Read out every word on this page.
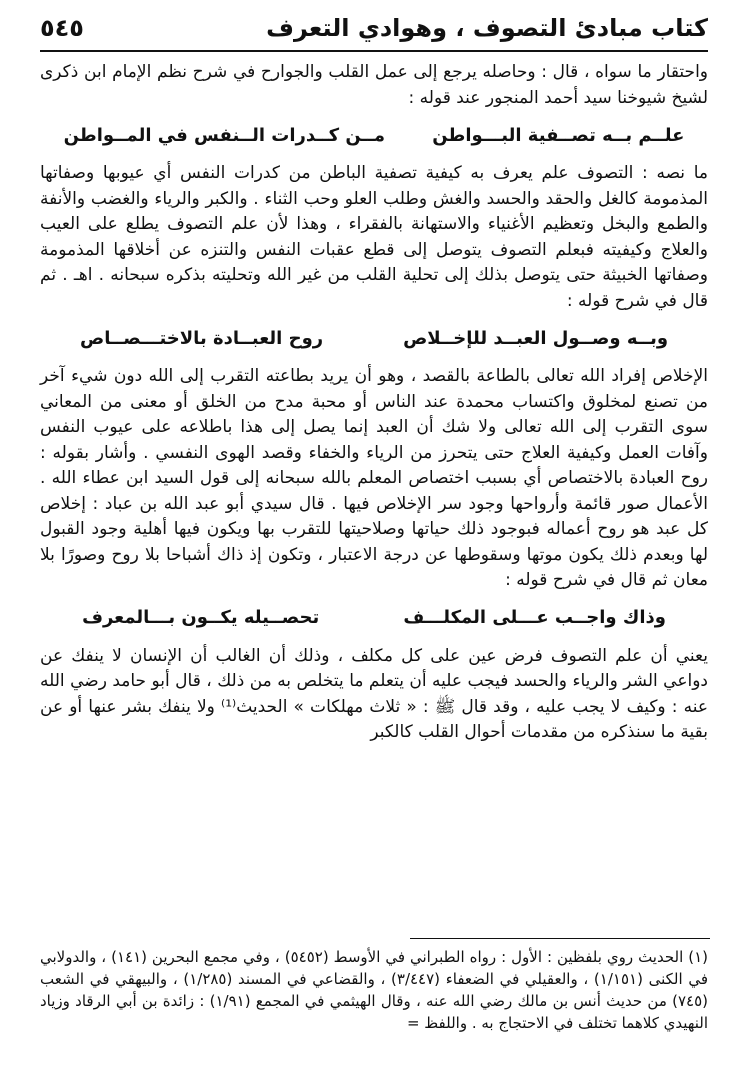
كتاب مبادئ التصوف ، وهوادي التعرف
٥٤٥

واحتقار ما سواه ، قال : وحاصله يرجع إلى عمل القلب والجوارح في شرح نظم الإمام ابن ذكرى لشيخ شيوخنا سيد أحمد المنجور عند قوله :

علــم بــه تصــفية البـــواطن
مــن كــدرات الــنفس في المــواطن

ما نصه : التصوف علم يعرف به كيفية تصفية الباطن من كدرات النفس أي عيوبها وصفاتها المذمومة كالغل والحقد والحسد والغش وطلب العلو وحب الثناء . والكبر والرياء والغضب والأنفة والطمع والبخل وتعظيم الأغنياء والاستهانة بالفقراء ، وهذا لأن علم التصوف يطلع على العيب والعلاج وكيفيته فبعلم التصوف يتوصل إلى قطع عقبات النفس والتنزه عن أخلاقها المذمومة وصفاتها الخبيثة حتى يتوصل بذلك إلى تحلية القلب من غير الله وتحليته بذكره سبحانه . اهـ . ثم قال في شرح قوله :

وبــه وصــول العبــد للإخــلاص
روح العبــادة بالاختـــصــاص

الإخلاص إفراد الله تعالى بالطاعة بالقصد ، وهو أن يريد بطاعته التقرب إلى الله دون شيء آخر من تصنع لمخلوق واكتساب محمدة عند الناس أو محبة مدح من الخلق أو معنى من المعاني سوى التقرب إلى الله تعالى ولا شك أن العبد إنما يصل إلى هذا باطلاعه على عيوب النفس وآفات العمل وكيفية العلاج حتى يتحرز من الرياء والخفاء وقصد الهوى النفسي . وأشار بقوله : روح العبادة بالاختصاص أي بسبب اختصاص المعلم بالله سبحانه إلى قول السيد ابن عطاء الله . الأعمال صور قائمة وأرواحها وجود سر الإخلاص فيها . قال سيدي أبو عبد الله بن عباد : إخلاص كل عبد هو روح أعماله فبوجود ذلك حياتها وصلاحيتها للتقرب بها ويكون فيها أهلية وجود القبول لها وبعدم ذلك يكون موتها وسقوطها عن درجة الاعتبار ، وتكون إذ ذاك أشباحا بلا روح وصورًا بلا معان ثم قال في شرح قوله :

وذاك واجــب عـــلى المكلـــف
تحصــيله يكــون بـــالمعرف

يعني أن علم التصوف فرض عين على كل مكلف ، وذلك أن الغالب أن الإنسان لا ينفك عن دواعي الشر والرياء والحسد فيجب عليه أن يتعلم ما يتخلص به من ذلك ، قال أبو حامد رضي الله عنه : وكيف لا يجب عليه ، وقد قال ﷺ : « ثلاث مهلكات » الحديث⁽¹⁾ ولا ينفك بشر عنها أو عن بقية ما سنذكره من مقدمات أحوال القلب كالكبر

(١) الحديث روي بلفظين : الأول : رواه الطبراني في الأوسط (٥٤٥٢) ، وفي مجمع البحرين (١٤١) ، والدولابي في الكنى (١/١٥١) ، والعقيلي في الضعفاء (٣/٤٤٧) ، والقضاعي في المسند (١/٢٨٥) ، والبيهقي في الشعب (٧٤٥) من حديث أنس بن مالك رضي الله عنه ، وقال الهيثمي في المجمع (١/٩١) : زائدة بن أبي الرقاد وزياد النهيدي كلاهما تختلف في الاحتجاج به . واللفظ =
